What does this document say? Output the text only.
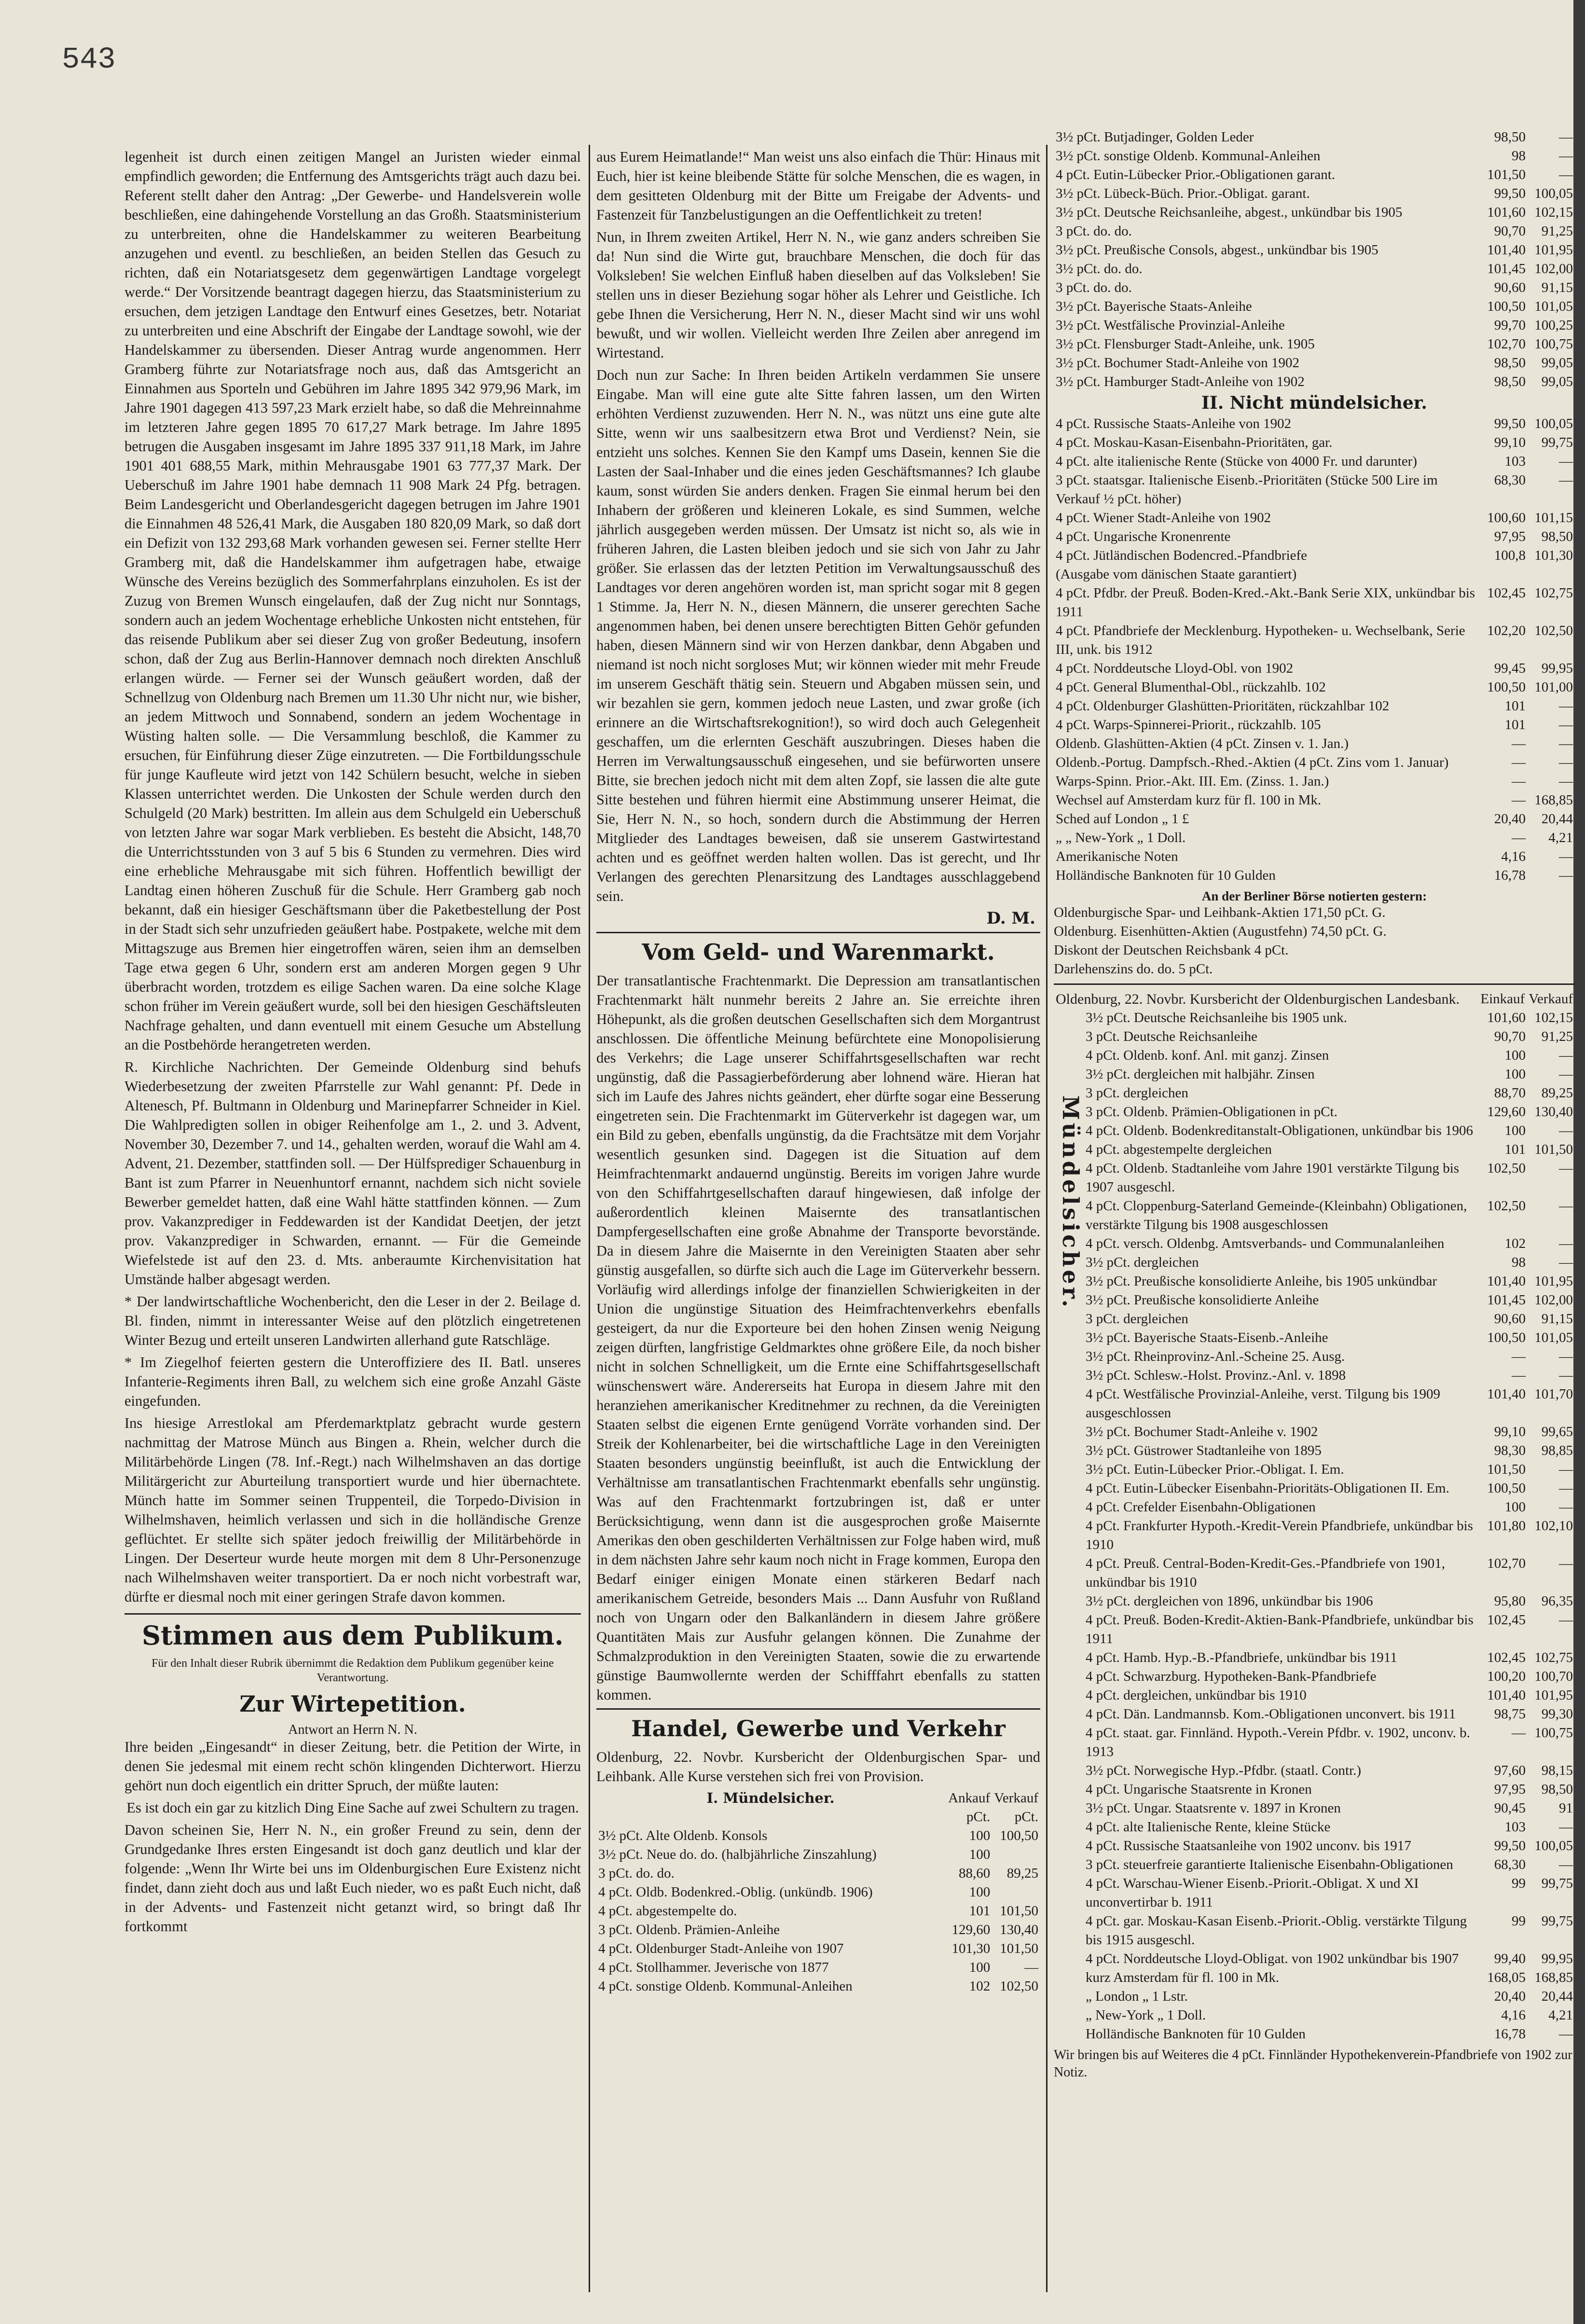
543

legenheit ist durch einen zeitigen Mangel an Juristen wieder einmal empfindlich geworden; die Entfernung des Amtsgerichts trägt auch dazu bei. Referent stellt daher den Antrag: „Der Gewerbe- und Handelsverein wolle beschließen, eine dahingehende Vorstellung an das Großh. Staatsministerium zu unterbreiten, ohne die Handelskammer zu weiteren Bearbeitung anzugehen und eventl. zu beschließen, an beiden Stellen das Gesuch zu richten, daß ein Notariatsgesetz dem gegenwärtigen Landtage vorgelegt werde.“ Der Vorsitzende beantragt dagegen hierzu, das Staatsministerium zu ersuchen, dem jetzigen Landtage den Entwurf eines Gesetzes, betr. Notariat zu unterbreiten und eine Abschrift der Eingabe der Landtage sowohl, wie der Handelskammer zu übersenden. Dieser Antrag wurde angenommen. Herr Gramberg führte zur Notariatsfrage noch aus, daß das Amtsgericht an Einnahmen aus Sporteln und Gebühren im Jahre 1895 342 979,96 Mark, im Jahre 1901 dagegen 413 597,23 Mark erzielt habe, so daß die Mehreinnahme im letzteren Jahre gegen 1895 70 617,27 Mark betrage. Im Jahre 1895 betrugen die Ausgaben insgesamt im Jahre 1895 337 911,18 Mark, im Jahre 1901 401 688,55 Mark, mithin Mehrausgabe 1901 63 777,37 Mark. Der Ueberschuß im Jahre 1901 habe demnach 11 908 Mark 24 Pfg. betragen. Beim Landesgericht und Oberlandesgericht dagegen betrugen im Jahre 1901 die Einnahmen 48 526,41 Mark, die Ausgaben 180 820,09 Mark, so daß dort ein Defizit von 132 293,68 Mark vorhanden gewesen sei. Ferner stellte Herr Gramberg mit, daß die Handelskammer ihm aufgetragen habe, etwaige Wünsche des Vereins bezüglich des Sommerfahrplans einzuholen. Es ist der Zuzug von Bremen Wunsch eingelaufen, daß der Zug nicht nur Sonntags, sondern auch an jedem Wochentage erhebliche Unkosten nicht entstehen, für das reisende Publikum aber sei dieser Zug von großer Bedeutung, insofern schon, daß der Zug aus Berlin-Hannover demnach noch direkten Anschluß erlangen würde. — Ferner sei der Wunsch geäußert worden, daß der Schnellzug von Oldenburg nach Bremen um 11.30 Uhr nicht nur, wie bisher, an jedem Mittwoch und Sonnabend, sondern an jedem Wochentage in Wüsting halten solle. — Die Versammlung beschloß, die Kammer zu ersuchen, für Einführung dieser Züge einzutreten. — Die Fortbildungsschule für junge Kaufleute wird jetzt von 142 Schülern besucht, welche in sieben Klassen unterrichtet werden. Die Unkosten der Schule werden durch den Schulgeld (20 Mark) bestritten. Im allein aus dem Schulgeld ein Ueberschuß von letzten Jahre war sogar Mark verblieben. Es besteht die Absicht, 148,70 die Unterrichtsstunden von 3 auf 5 bis 6 Stunden zu vermehren. Dies wird eine erhebliche Mehrausgabe mit sich führen. Hoffentlich bewilligt der Landtag einen höheren Zuschuß für die Schule. Herr Gramberg gab noch bekannt, daß ein hiesiger Geschäftsmann über die Paketbestellung der Post in der Stadt sich sehr unzufrieden geäußert habe. Postpakete, welche mit dem Mittagszuge aus Bremen hier eingetroffen wären, seien ihm an demselben Tage etwa gegen 6 Uhr, sondern erst am anderen Morgen gegen 9 Uhr überbracht worden, trotzdem es eilige Sachen waren. Da eine solche Klage schon früher im Verein geäußert wurde, soll bei den hiesigen Geschäftsleuten Nachfrage gehalten, und dann eventuell mit einem Gesuche um Abstellung an die Postbehörde herangetreten werden.

R. Kirchliche Nachrichten. Der Gemeinde Oldenburg sind behufs Wiederbesetzung der zweiten Pfarrstelle zur Wahl genannt: Pf. Dede in Altenesch, Pf. Bultmann in Oldenburg und Marinepfarrer Schneider in Kiel. Die Wahlpredigten sollen in obiger Reihenfolge am 1., 2. und 3. Advent, November 30, Dezember 7. und 14., gehalten werden, worauf die Wahl am 4. Advent, 21. Dezember, stattfinden soll. — Der Hülfsprediger Schauenburg in Bant ist zum Pfarrer in Neuenhuntorf ernannt, nachdem sich nicht soviele Bewerber gemeldet hatten, daß eine Wahl hätte stattfinden können. — Zum prov. Vakanzprediger in Feddewarden ist der Kandidat Deetjen, der jetzt prov. Vakanzprediger in Schwarden, ernannt. — Für die Gemeinde Wiefelstede ist auf den 23. d. Mts. anberaumte Kirchenvisitation hat Umstände halber abgesagt werden.

* Der landwirtschaftliche Wochenbericht, den die Leser in der 2. Beilage d. Bl. finden, nimmt in interessanter Weise auf den plötzlich eingetretenen Winter Bezug und erteilt unseren Landwirten allerhand gute Ratschläge.

* Im Ziegelhof feierten gestern die Unteroffiziere des II. Batl. unseres Infanterie-Regiments ihren Ball, zu welchem sich eine große Anzahl Gäste eingefunden.

Ins hiesige Arrestlokal am Pferdemarktplatz gebracht wurde gestern nachmittag der Matrose Münch aus Bingen a. Rhein, welcher durch die Militärbehörde Lingen (78. Inf.-Regt.) nach Wilhelmshaven an das dortige Militärgericht zur Aburteilung transportiert wurde und hier übernachtete. Münch hatte im Sommer seinen Truppenteil, die Torpedo-Division in Wilhelmshaven, heimlich verlassen und sich in die holländische Grenze geflüchtet. Er stellte sich später jedoch freiwillig der Militärbehörde in Lingen. Der Deserteur wurde heute morgen mit dem 8 Uhr-Personenzuge nach Wilhelmshaven weiter transportiert. Da er noch nicht vorbestraft war, dürfte er diesmal noch mit einer geringen Strafe davon kommen.

Stimmen aus dem Publikum.
Für den Inhalt dieser Rubrik übernimmt die Redaktion dem Publikum gegenüber keine Verantwortung.
Zur Wirtepetition.
Antwort an Herrn N. N.

Ihre beiden „Eingesandt“ in dieser Zeitung, betr. die Petition der Wirte, in denen Sie jedesmal mit einem recht schön klingenden Dichterwort. Hierzu gehört nun doch eigentlich ein dritter Spruch, der müßte lauten:

Es ist doch ein gar zu kitzlich Ding Eine Sache auf zwei Schultern zu tragen.

Davon scheinen Sie, Herr N. N., ein großer Freund zu sein, denn der Grundgedanke Ihres ersten Eingesandt ist doch ganz deutlich und klar der folgende: „Wenn Ihr Wirte bei uns im Oldenburgischen Eure Existenz nicht findet, dann zieht doch aus und laßt Euch nieder, wo es paßt Euch nicht, daß in der Advents- und Fastenzeit nicht getanzt wird, so bringt daß Ihr fortkommt

aus Eurem Heimatlande!“ Man weist uns also einfach die Thür: Hinaus mit Euch, hier ist keine bleibende Stätte für solche Menschen, die es wagen, in dem gesitteten Oldenburg mit der Bitte um Freigabe der Advents- und Fastenzeit für Tanzbelustigungen an die Oeffentlichkeit zu treten!

Nun, in Ihrem zweiten Artikel, Herr N. N., wie ganz anders schreiben Sie da! Nun sind die Wirte gut, brauchbare Menschen, die doch für das Volksleben! Sie welchen Einfluß haben dieselben auf das Volksleben! Sie stellen uns in dieser Beziehung sogar höher als Lehrer und Geistliche. Ich gebe Ihnen die Versicherung, Herr N. N., dieser Macht sind wir uns wohl bewußt, und wir wollen. Vielleicht werden Ihre Zeilen aber anregend im Wirtestand.

Doch nun zur Sache: In Ihren beiden Artikeln verdammen Sie unsere Eingabe. Man will eine gute alte Sitte fahren lassen, um den Wirten erhöhten Verdienst zuzuwenden. Herr N. N., was nützt uns eine gute alte Sitte, wenn wir uns saalbesitzern etwa Brot und Verdienst? Nein, sie entzieht uns solches. Kennen Sie den Kampf ums Dasein, kennen Sie die Lasten der Saal-Inhaber und die eines jeden Geschäftsmannes? Ich glaube kaum, sonst würden Sie anders denken. Fragen Sie einmal herum bei den Inhabern der größeren und kleineren Lokale, es sind Summen, welche jährlich ausgegeben werden müssen. Der Umsatz ist nicht so, als wie in früheren Jahren, die Lasten bleiben jedoch und sie sich von Jahr zu Jahr größer. Sie erlassen das der letzten Petition im Verwaltungsausschuß des Landtages vor deren angehören worden ist, man spricht sogar mit 8 gegen 1 Stimme. Ja, Herr N. N., diesen Männern, die unserer gerechten Sache angenommen haben, bei denen unsere berechtigten Bitten Gehör gefunden haben, diesen Männern sind wir von Herzen dankbar, denn Abgaben und niemand ist noch nicht sorgloses Mut; wir können wieder mit mehr Freude im unserem Geschäft thätig sein. Steuern und Abgaben müssen sein, und wir bezahlen sie gern, kommen jedoch neue Lasten, und zwar große (ich erinnere an die Wirtschaftsrekognition!), so wird doch auch Gelegenheit geschaffen, um die erlernten Geschäft auszubringen. Dieses haben die Herren im Verwaltungsausschuß eingesehen, und sie befürworten unsere Bitte, sie brechen jedoch nicht mit dem alten Zopf, sie lassen die alte gute Sitte bestehen und führen hiermit eine Abstimmung unserer Heimat, die Sie, Herr N. N., so hoch, sondern durch die Abstimmung der Herren Mitglieder des Landtages beweisen, daß sie unserem Gastwirtestand achten und es geöffnet werden halten wollen. Das ist gerecht, und Ihr Verlangen des gerechten Plenarsitzung des Landtages ausschlaggebend sein.

D. M.
Vom Geld- und Warenmarkt.

Der transatlantische Frachtenmarkt. Die Depression am transatlantischen Frachtenmarkt hält nunmehr bereits 2 Jahre an. Sie erreichte ihren Höhepunkt, als die großen deutschen Gesellschaften sich dem Morgantrust anschlossen. Die öffentliche Meinung befürchtete eine Monopolisierung des Verkehrs; die Lage unserer Schiffahrtsgesellschaften war recht ungünstig, daß die Passagierbeförderung aber lohnend wäre. Hieran hat sich im Laufe des Jahres nichts geändert, eher dürfte sogar eine Besserung eingetreten sein. Die Frachtenmarkt im Güterverkehr ist dagegen war, um ein Bild zu geben, ebenfalls ungünstig, da die Frachtsätze mit dem Vorjahr wesentlich gesunken sind. Dagegen ist die Situation auf dem Heimfrachtenmarkt andauernd ungünstig. Bereits im vorigen Jahre wurde von den Schiffahrtgesellschaften darauf hingewiesen, daß infolge der außerordentlich kleinen Maisernte des transatlantischen Dampfergesellschaften eine große Abnahme der Transporte bevorstände. Da in diesem Jahre die Maisernte in den Vereinigten Staaten aber sehr günstig ausgefallen, so dürfte sich auch die Lage im Güterverkehr bessern. Vorläufig wird allerdings infolge der finanziellen Schwierigkeiten in der Union die ungünstige Situation des Heimfrachtenverkehrs ebenfalls gesteigert, da nur die Exporteure bei den hohen Zinsen wenig Neigung zeigen dürften, langfristige Geldmarktes ohne größere Eile, da noch bisher nicht in solchen Schnelligkeit, um die Ernte eine Schiffahrtsgesellschaft wünschenswert wäre. Andererseits hat Europa in diesem Jahre mit den heranziehen amerikanischer Kreditnehmer zu rechnen, da die Vereinigten Staaten selbst die eigenen Ernte genügend Vorräte vorhanden sind. Der Streik der Kohlenarbeiter, bei die wirtschaftliche Lage in den Vereinigten Staaten besonders ungünstig beeinflußt, ist auch die Entwicklung der Verhältnisse am transatlantischen Frachtenmarkt ebenfalls sehr ungünstig. Was auf den Frachtenmarkt fortzubringen ist, daß er unter Berücksichtigung, wenn dann ist die ausgesprochen große Maisernte Amerikas den oben geschilderten Verhältnissen zur Folge haben wird, muß in dem nächsten Jahre sehr kaum noch nicht in Frage kommen, Europa den Bedarf einiger einigen Monate einen stärkeren Bedarf nach amerikanischem Getreide, besonders Mais ... Dann Ausfuhr von Rußland noch von Ungarn oder den Balkanländern in diesem Jahre größere Quantitäten Mais zur Ausfuhr gelangen können. Die Zunahme der Schmalzproduktion in den Vereinigten Staaten, sowie die zu erwartende günstige Baumwollernte werden der Schifffahrt ebenfalls zu statten kommen.

Handel, Gewerbe und Verkehr

Oldenburg, 22. Novbr. Kursbericht der Oldenburgischen Spar- und Leihbank. Alle Kurse verstehen sich frei von Provision.

I. Mündelsicher.	Ankauf	Verkauf
	pCt.	pCt.
3½ pCt. Alte Oldenb. Konsols	100	100,50
3½ pCt. Neue do. do. (halbjährliche Zinszahlung)	100	
3 pCt. do. do.	88,60	89,25
4 pCt. Oldb. Bodenkred.-Oblig. (unkündb. 1906)	100	
4 pCt. abgestempelte do.	101	101,50
3 pCt. Oldenb. Prämien-Anleihe	129,60	130,40
4 pCt. Oldenburger Stadt-Anleihe von 1907	101,30	101,50
4 pCt. Stollhammer. Jeverische von 1877	100	—
4 pCt. sonstige Oldenb. Kommunal-Anleihen	102	102,50
3½ pCt. Butjadinger, Golden Leder	98,50	—
3½ pCt. sonstige Oldenb. Kommunal-Anleihen	98	—
4 pCt. Eutin-Lübecker Prior.-Obligationen garant.	101,50	—
3½ pCt. Lübeck-Büch. Prior.-Obligat. garant.	99,50	100,05
3½ pCt. Deutsche Reichsanleihe, abgest., unkündbar bis 1905	101,60	102,15
3 pCt. do. do.	90,70	91,25
3½ pCt. Preußische Consols, abgest., unkündbar bis 1905	101,40	101,95
3½ pCt. do. do.	101,45	102,00
3 pCt. do. do.	90,60	91,15
3½ pCt. Bayerische Staats-Anleihe	100,50	101,05
3½ pCt. Westfälische Provinzial-Anleihe	99,70	100,25
3½ pCt. Flensburger Stadt-Anleihe, unk. 1905	102,70	100,75
3½ pCt. Bochumer Stadt-Anleihe von 1902	98,50	99,05
3½ pCt. Hamburger Stadt-Anleihe von 1902	98,50	99,05
II. Nicht mündelsicher.
4 pCt. Russische Staats-Anleihe von 1902	99,50	100,05
4 pCt. Moskau-Kasan-Eisenbahn-Prioritäten, gar.	99,10	99,75
4 pCt. alte italienische Rente (Stücke von 4000 Fr. und darunter)	103	—
3 pCt. staatsgar. Italienische Eisenb.-Prioritäten (Stücke 500 Lire im Verkauf ½ pCt. höher)	68,30	—
4 pCt. Wiener Stadt-Anleihe von 1902	100,60	101,15
4 pCt. Ungarische Kronenrente	97,95	98,50
4 pCt. Jütländischen Bodencred.-Pfandbriefe	100,8	101,30
(Ausgabe vom dänischen Staate garantiert)		
4 pCt. Pfdbr. der Preuß. Boden-Kred.-Akt.-Bank Serie XIX, unkündbar bis 1911	102,45	102,75
4 pCt. Pfandbriefe der Mecklenburg. Hypotheken- u. Wechselbank, Serie III, unk. bis 1912	102,20	102,50
4 pCt. Norddeutsche Lloyd-Obl. von 1902	99,45	99,95
4 pCt. General Blumenthal-Obl., rückzahlb. 102	100,50	101,00
4 pCt. Oldenburger Glashütten-Prioritäten, rückzahlbar 102	101	—
4 pCt. Warps-Spinnerei-Priorit., rückzahlb. 105	101	—
Oldenb. Glashütten-Aktien (4 pCt. Zinsen v. 1. Jan.)	—	—
Oldenb.-Portug. Dampfsch.-Rhed.-Aktien (4 pCt. Zins vom 1. Januar)	—	—
Warps-Spinn. Prior.-Akt. III. Em. (Zinss. 1. Jan.)	—	—
Wechsel auf Amsterdam kurz für fl. 100 in Mk.	—	168,85
Sched auf London „ 1 £	20,40	20,44
„ „ New-York „ 1 Doll.	—	4,21
Amerikanische Noten	4,16	—
Holländische Banknoten für 10 Gulden	16,78	—
An der Berliner Börse notierten gestern:
Oldenburgische Spar- und Leihbank-Aktien 171,50 pCt. G.
Oldenburg. Eisenhütten-Aktien (Augustfehn) 74,50 pCt. G.
Diskont der Deutschen Reichsbank 4 pCt.
Darlehenszins do. do. 5 pCt.
Oldenburg, 22. Novbr. Kursbericht der Oldenburgischen Landesbank.	Einkauf	Verkauf
Mündelsicher.
3½ pCt. Deutsche Reichsanleihe bis 1905 unk.	101,60	102,15
3 pCt. Deutsche Reichsanleihe	90,70	91,25
4 pCt. Oldenb. konf. Anl. mit ganzj. Zinsen	100	—
3½ pCt. dergleichen mit halbjähr. Zinsen	100	—
3 pCt. dergleichen	88,70	89,25
3 pCt. Oldenb. Prämien-Obligationen in pCt.	129,60	130,40
4 pCt. Oldenb. Bodenkreditanstalt-Obligationen, unkündbar bis 1906	100	—
4 pCt. abgestempelte dergleichen	101	101,50
4 pCt. Oldenb. Stadtanleihe vom Jahre 1901 verstärkte Tilgung bis 1907 ausgeschl.	102,50	—
4 pCt. Cloppenburg-Saterland Gemeinde-(Kleinbahn) Obligationen, verstärkte Tilgung bis 1908 ausgeschlossen	102,50	—
4 pCt. versch. Oldenbg. Amtsverbands- und Communalanleihen	102	—
3½ pCt. dergleichen	98	—
3½ pCt. Preußische konsolidierte Anleihe, bis 1905 unkündbar	101,40	101,95
3½ pCt. Preußische konsolidierte Anleihe	101,45	102,00
3 pCt. dergleichen	90,60	91,15
3½ pCt. Bayerische Staats-Eisenb.-Anleihe	100,50	101,05
3½ pCt. Rheinprovinz-Anl.-Scheine 25. Ausg.	—	—
3½ pCt. Schlesw.-Holst. Provinz.-Anl. v. 1898	—	—
4 pCt. Westfälische Provinzial-Anleihe, verst. Tilgung bis 1909 ausgeschlossen	101,40	101,70
3½ pCt. Bochumer Stadt-Anleihe v. 1902	99,10	99,65
3½ pCt. Güstrower Stadtanleihe von 1895	98,30	98,85
3½ pCt. Eutin-Lübecker Prior.-Obligat. I. Em.	101,50	—
4 pCt. Eutin-Lübecker Eisenbahn-Prioritäts-Obligationen II. Em.	100,50	—
4 pCt. Crefelder Eisenbahn-Obligationen	100	—
4 pCt. Frankfurter Hypoth.-Kredit-Verein Pfandbriefe, unkündbar bis 1910	101,80	102,10
4 pCt. Preuß. Central-Boden-Kredit-Ges.-Pfandbriefe von 1901, unkündbar bis 1910	102,70	—
3½ pCt. dergleichen von 1896, unkündbar bis 1906	95,80	96,35
4 pCt. Preuß. Boden-Kredit-Aktien-Bank-Pfandbriefe, unkündbar bis 1911	102,45	—
4 pCt. Hamb. Hyp.-B.-Pfandbriefe, unkündbar bis 1911	102,45	102,75
4 pCt. Schwarzburg. Hypotheken-Bank-Pfandbriefe	100,20	100,70
4 pCt. dergleichen, unkündbar bis 1910	101,40	101,95
4 pCt. Dän. Landmannsb. Kom.-Obligationen unconvert. bis 1911	98,75	99,30
4 pCt. staat. gar. Finnländ. Hypoth.-Verein Pfdbr. v. 1902, unconv. b. 1913	—	100,75
3½ pCt. Norwegische Hyp.-Pfdbr. (staatl. Contr.)	97,60	98,15
4 pCt. Ungarische Staatsrente in Kronen	97,95	98,50
3½ pCt. Ungar. Staatsrente v. 1897 in Kronen	90,45	91
4 pCt. alte Italienische Rente, kleine Stücke	103	—
4 pCt. Russische Staatsanleihe von 1902 unconv. bis 1917	99,50	100,05
3 pCt. steuerfreie garantierte Italienische Eisenbahn-Obligationen	68,30	—
4 pCt. Warschau-Wiener Eisenb.-Priorit.-Obligat. X und XI unconvertirbar b. 1911	99	99,75
4 pCt. gar. Moskau-Kasan Eisenb.-Priorit.-Oblig. verstärkte Tilgung bis 1915 ausgeschl.	99	99,75
4 pCt. Norddeutsche Lloyd-Obligat. von 1902 unkündbar bis 1907	99,40	99,95
kurz Amsterdam für fl. 100 in Mk.	168,05	168,85
„ London „ 1 Lstr.	20,40	20,44
„ New-York „ 1 Doll.	4,16	4,21
Holländische Banknoten für 10 Gulden	16,78	—
Wir bringen bis auf Weiteres die 4 pCt. Finnländer Hypothekenverein-Pfandbriefe von 1902 zur Notiz.
